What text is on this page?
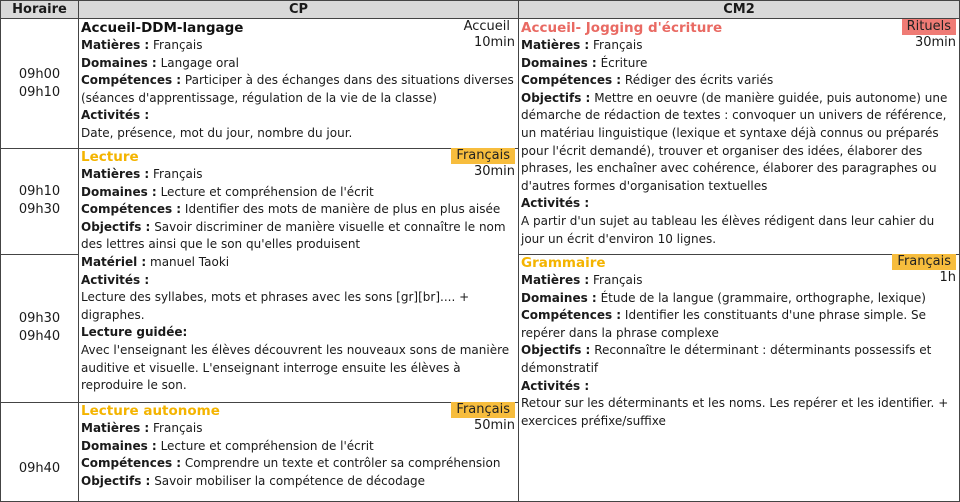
Horaire	CP	CM2
09h00
09h10
09h10
09h30
09h30
09h40
09h40
Accueil
10min
Accueil-DDM-langage

Matières : Français

Domaines : Langage oral

Compétences : Participer à des échanges dans des situations diverses (séances d'apprentissage, régulation de la vie de la classe)

Activités :

Date, présence, mot du jour, nombre du jour.

Français
30min
Lecture

Matières : Français

Domaines : Lecture et compréhension de l'écrit

Compétences : Identifier des mots de manière de plus en plus aisée

Objectifs : Savoir discriminer de manière visuelle et connaître le nom des lettres ainsi que le son qu'elles produisent

Matériel : manuel Taoki

Activités :

Lecture des syllabes, mots et phrases avec les sons [gr][br].... + digraphes.

Lecture guidée:

Avec l'enseignant les élèves découvrent les nouveaux sons de manière auditive et visuelle. L'enseignant interroge ensuite les élèves à reproduire le son.

Français
50min
Lecture autonome

Matières : Français

Domaines : Lecture et compréhension de l'écrit

Compétences : Comprendre un texte et contrôler sa compréhension

Objectifs : Savoir mobiliser la compétence de décodage

Rituels
30min
Accueil- Jogging d'écriture

Matières : Français

Domaines : Écriture

Compétences : Rédiger des écrits variés

Objectifs : Mettre en oeuvre (de manière guidée, puis autonome) une démarche de rédaction de textes : convoquer un univers de référence, un matériau linguistique (lexique et syntaxe déjà connus ou préparés pour l'écrit demandé), trouver et organiser des idées, élaborer des phrases, les enchaîner avec cohérence, élaborer des paragraphes ou d'autres formes d'organisation textuelles

Activités :

A partir d'un sujet au tableau les élèves rédigent dans leur cahier du jour un écrit d'environ 10 lignes.

Français
1h
Grammaire

Matières : Français

Domaines : Étude de la langue (grammaire, orthographe, lexique)

Compétences : Identifier les constituants d'une phrase simple. Se repérer dans la phrase complexe

Objectifs : Reconnaître le déterminant : déterminants possessifs et démonstratif

Activités :

Retour sur les déterminants et les noms. Les repérer et les identifier. + exercices préfixe/suffixe
